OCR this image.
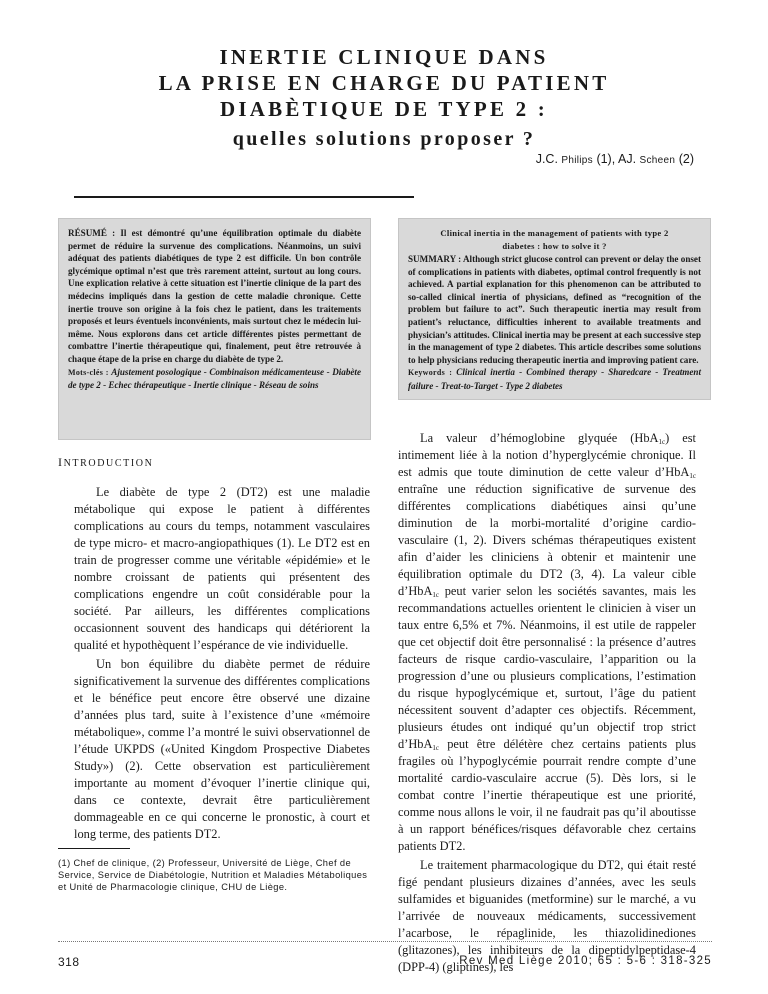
INERTIE CLINIQUE DANS
LA PRISE EN CHARGE DU PATIENT
DIABÈTIQUE DE TYPE 2 :
quelles solutions proposer ?
J.C. Philips (1), AJ. Scheen (2)

RÉSUMÉ : Il est démontré qu’une équilibration optimale du diabète permet de réduire la survenue des complications. Néanmoins, un suivi adéquat des patients diabétiques de type 2 est difficile. Un bon contrôle glycémique optimal n’est que très rarement atteint, surtout au long cours. Une explication relative à cette situation est l’inertie clinique de la part des médecins impliqués dans la gestion de cette maladie chronique. Cette inertie trouve son origine à la fois chez le patient, dans les traitements proposés et leurs éventuels inconvénients, mais surtout chez le médecin lui-même. Nous explorons dans cet article différentes pistes permettant de combattre l’inertie thérapeutique qui, finalement, peut être retrouvée à chaque étape de la prise en charge du diabète de type 2.

Mots-clés : Ajustement posologique - Combinaison médicamenteuse - Diabète de type 2 - Echec thérapeutique - Inertie clinique - Réseau de soins

Clinical inertia in the management of patients with type 2

diabetes : how to solve it ?

SUMMARY : Although strict glucose control can prevent or delay the onset of complications in patients with diabetes, optimal control frequently is not achieved. A partial explanation for this phenomenon can be attributed to so-called clinical inertia of physicians, defined as “recognition of the problem but failure to act”. Such therapeutic inertia may result from patient’s reluctance, difficulties inherent to available treatments and physician’s attitudes. Clinical inertia may be present at each successive step in the management of type 2 diabetes. This article describes some solutions to help physicians reducing therapeutic inertia and improving patient care.

Keywords : Clinical inertia - Combined therapy - Sharedcare - Treatment failure - Treat-to-Target - Type 2 diabetes

INTRODUCTION

Le diabète de type 2 (DT2) est une maladie métabolique qui expose le patient à différentes complications au cours du temps, notamment vasculaires de type micro- et macro-angiopathiques (1). Le DT2 est en train de progresser comme une véritable «épidémie» et le nombre croissant de patients qui présentent des complications engendre un coût considérable pour la société. Par ailleurs, les différentes complications occasionnent souvent des handicaps qui détériorent la qualité et hypothèquent l’espérance de vie individuelle.

Un bon équilibre du diabète permet de réduire significativement la survenue des différentes complications et le bénéfice peut encore être observé une dizaine d’années plus tard, suite à l’existence d’une «mémoire métabolique», comme l’a montré le suivi observationnel de l’étude UKPDS («United Kingdom Prospective Diabetes Study») (2). Cette observation est particulièrement importante au moment d’évoquer l’inertie clinique qui, dans ce contexte, devrait être particulièrement dommageable en ce qui concerne le pronostic, à court et long terme, des patients DT2.

La valeur d’hémoglobine glyquée (HbA$_{1c}$) est intimement liée à la notion d’hyperglycémie chronique. Il est admis que toute diminution de cette valeur d’HbA$_{1c}$ entraîne une réduction significative de survenue des différentes complications diabétiques ainsi qu’une diminution de la morbi-mortalité d’origine cardio-vasculaire (1, 2). Divers schémas thérapeutiques existent afin d’aider les cliniciens à obtenir et maintenir une équilibration optimale du DT2 (3, 4). La valeur cible d’HbA$_{1c}$ peut varier selon les sociétés savantes, mais les recommandations actuelles orientent le clinicien à viser un taux entre 6,5% et 7%. Néanmoins, il est utile de rappeler que cet objectif doit être personnalisé : la présence d’autres facteurs de risque cardio-vasculaire, l’apparition ou la progression d’une ou plusieurs complications, l’estimation du risque hypoglycémique et, surtout, l’âge du patient nécessitent souvent d’adapter ces objectifs. Récemment, plusieurs études ont indiqué qu’un objectif trop strict d’HbA$_{1c}$ peut être délétère chez certains patients plus fragiles où l’hypoglycémie pourrait rendre compte d’une mortalité cardio-vasculaire accrue (5). Dès lors, si le combat contre l’inertie thérapeutique est une priorité, comme nous allons le voir, il ne faudrait pas qu’il aboutisse à un rapport bénéfices/risques défavorable chez certains patients DT2.

Le traitement pharmacologique du DT2, qui était resté figé pendant plusieurs dizaines d’années, avec les seuls sulfamides et biguanides (metformine) sur le marché, a vu l’arrivée de nouveaux médicaments, successivement l’acarbose, le répaglinide, les thiazolidinediones (glitazones), les inhibiteurs de la dipeptidylpeptidase-4 (DPP-4) (gliptines), les

(1) Chef de clinique, (2) Professeur, Université de Liège, Chef de Service, Service de Diabétologie, Nutrition et Maladies Métaboliques et Unité de Pharmacologie clinique, CHU de Liège.
318	Rev Med Liège 2010; 65 : 5-6 : 318-325
